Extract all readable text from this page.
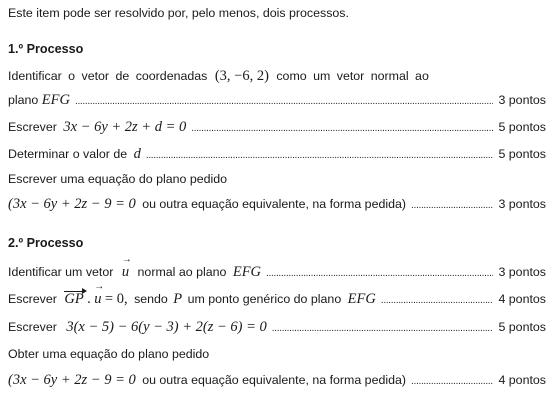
Este item pode ser resolvido por, pelo menos, dois processos.
1.º Processo
Identificar o vetor de coordenadas (3, −6, 2) como um vetor normal ao
plano EFG .....	3 pontos
Escrever 3x − 6y + 2z + d = 0 .....	5 pontos
Determinar o valor de d .....	5 pontos
Escrever uma equação do plano pedido
(3x − 6y + 2z − 9 = 0 ou outra equação equivalente, na forma pedida) .....	3 pontos
2.º Processo
Identificar um vetor → u normal ao plano EFG .....	3 pontos
Escrever GP . → u = 0, sendo P um ponto genérico do plano EFG .....	4 pontos
Escrever 3(x − 5) − 6(y − 3) + 2(z − 6) = 0 .....	5 pontos
Obter uma equação do plano pedido
(3x − 6y + 2z − 9 = 0 ou outra equação equivalente, na forma pedida) .....	4 pontos
